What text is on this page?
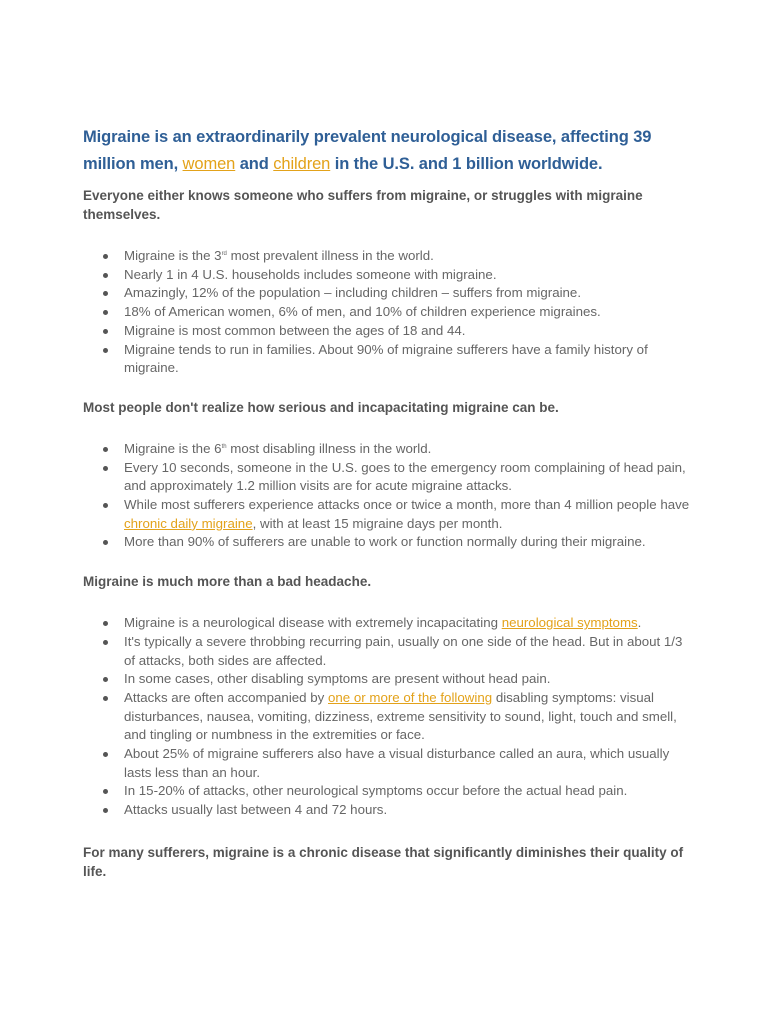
Migraine is an extraordinarily prevalent neurological disease, affecting 39 million men, women and children in the U.S. and 1 billion worldwide.

Everyone either knows someone who suffers from migraine, or struggles with migraine themselves.

Migraine is the 3rd most prevalent illness in the world.
Nearly 1 in 4 U.S. households includes someone with migraine.
Amazingly, 12% of the population – including children – suffers from migraine.
18% of American women, 6% of men, and 10% of children experience migraines.
Migraine is most common between the ages of 18 and 44.
Migraine tends to run in families. About 90% of migraine sufferers have a family history of migraine.
Most people don't realize how serious and incapacitating migraine can be.
Migraine is the 6th most disabling illness in the world.
Every 10 seconds, someone in the U.S. goes to the emergency room complaining of head pain, and approximately 1.2 million visits are for acute migraine attacks.
While most sufferers experience attacks once or twice a month, more than 4 million people have chronic daily migraine, with at least 15 migraine days per month.
More than 90% of sufferers are unable to work or function normally during their migraine.
Migraine is much more than a bad headache.
Migraine is a neurological disease with extremely incapacitating neurological symptoms.
It's typically a severe throbbing recurring pain, usually on one side of the head. But in about 1/3 of attacks, both sides are affected.
In some cases, other disabling symptoms are present without head pain.
Attacks are often accompanied by one or more of the following disabling symptoms: visual disturbances, nausea, vomiting, dizziness, extreme sensitivity to sound, light, touch and smell, and tingling or numbness in the extremities or face.
About 25% of migraine sufferers also have a visual disturbance called an aura, which usually lasts less than an hour.
In 15-20% of attacks, other neurological symptoms occur before the actual head pain.
Attacks usually last between 4 and 72 hours.
For many sufferers, migraine is a chronic disease that significantly diminishes their quality of life.
